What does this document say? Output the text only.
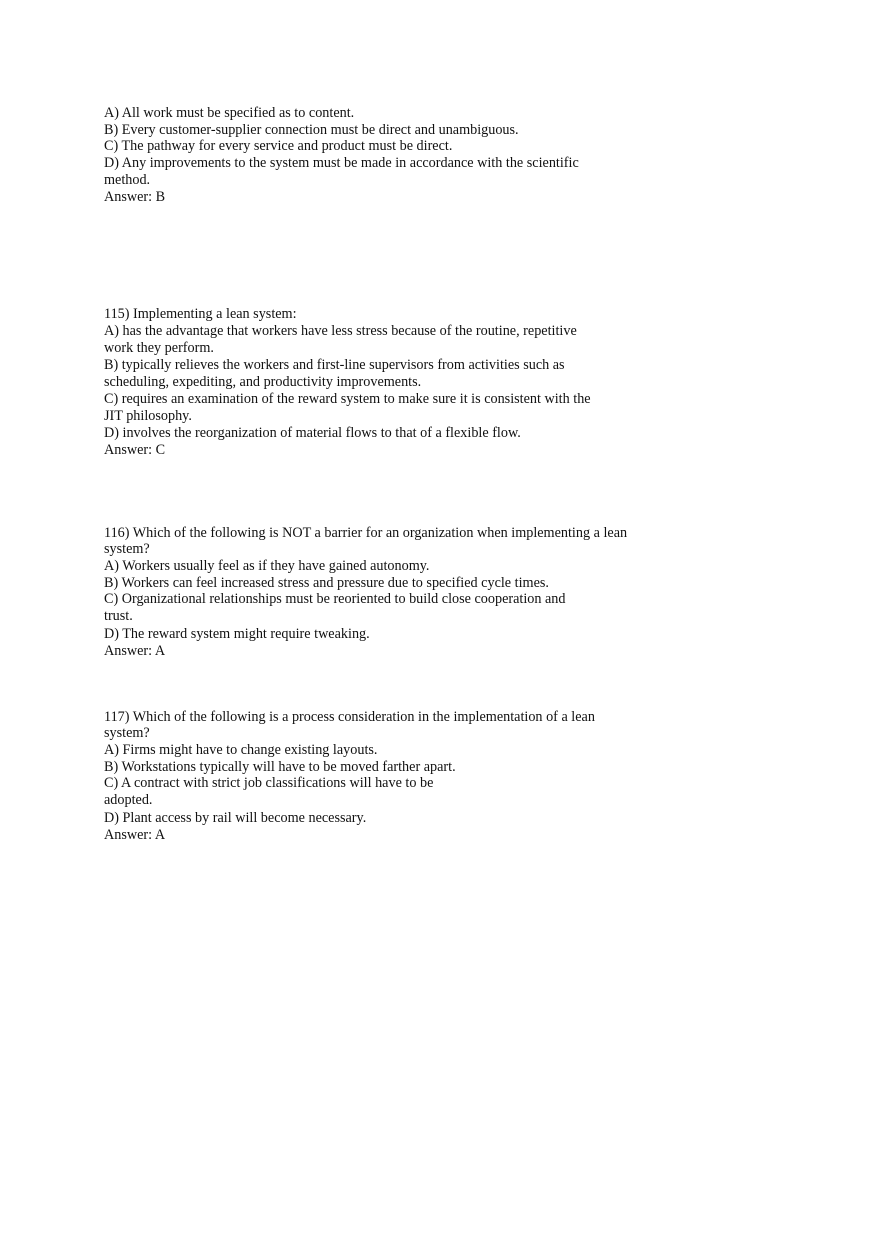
A) All work must be specified as to content.

B) Every customer-supplier connection must be direct and unambiguous.

C) The pathway for every service and product must be direct.

D) Any improvements to the system must be made in accordance with the scientific

method.

Answer: B

115) Implementing a lean system:

A) has the advantage that workers have less stress because of the routine, repetitive

work they perform.

B) typically relieves the workers and first-line supervisors from activities such as

scheduling, expediting, and productivity improvements.

C) requires an examination of the reward system to make sure it is consistent with the

JIT philosophy.

D) involves the reorganization of material flows to that of a flexible flow.

Answer: C

116) Which of the following is NOT a barrier for an organization when implementing a lean

system?

A) Workers usually feel as if they have gained autonomy.

B) Workers can feel increased stress and pressure due to specified cycle times.

C) Organizational relationships must be reoriented to build close cooperation and

trust.

D) The reward system might require tweaking.

Answer: A

117) Which of the following is a process consideration in the implementation of a lean

system?

A) Firms might have to change existing layouts.

B) Workstations typically will have to be moved farther apart.

C) A contract with strict job classifications will have to be

adopted.

D) Plant access by rail will become necessary.

Answer: A
